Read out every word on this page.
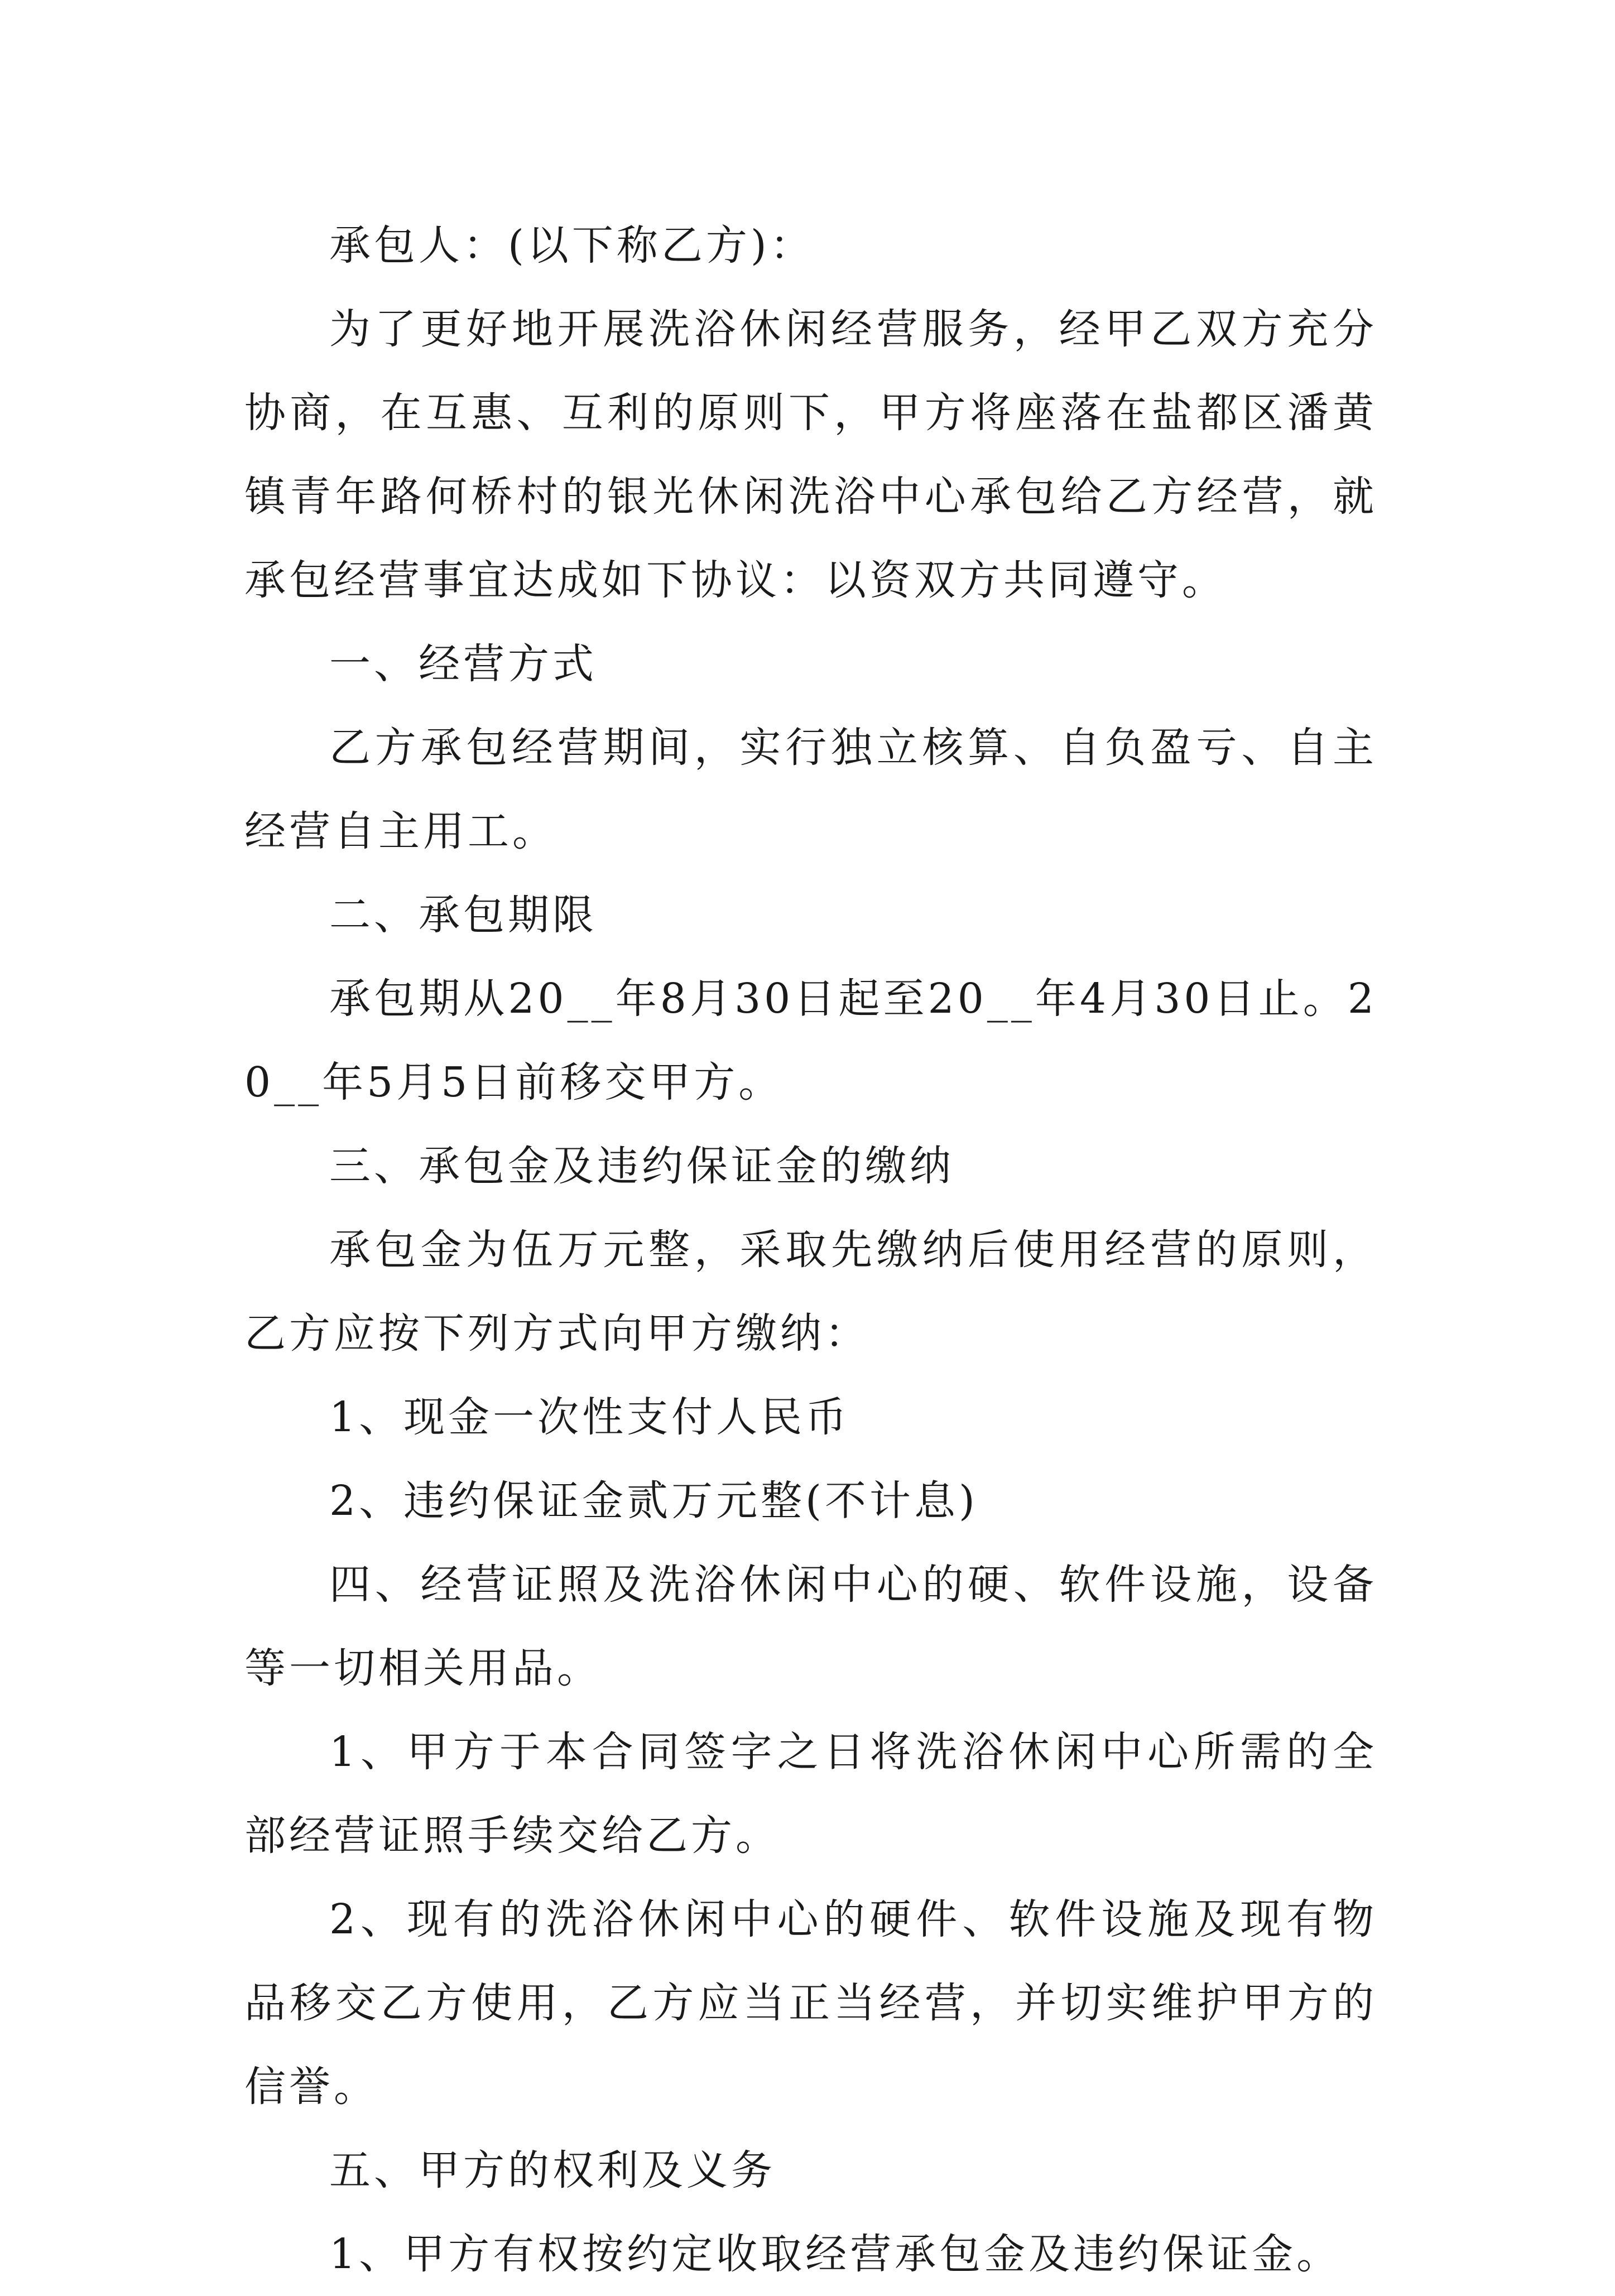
承包人：(以下称乙方)：

为了更好地开展洗浴休闲经营服务，经甲乙双方充分协商，在互惠、互利的原则下，甲方将座落在盐都区潘黄镇青年路何桥村的银光休闲洗浴中心承包给乙方经营，就承包经营事宜达成如下协议：以资双方共同遵守。

一、经营方式

乙方承包经营期间，实行独立核算、自负盈亏、自主经营自主用工。

二、承包期限

承包期从20__年8月30日起至20__年4月30日止。20__年5月5日前移交甲方。

三、承包金及违约保证金的缴纳

承包金为伍万元整，采取先缴纳后使用经营的原则，乙方应按下列方式向甲方缴纳：

1、现金一次性支付人民币

2、违约保证金贰万元整(不计息)

四、经营证照及洗浴休闲中心的硬、软件设施，设备等一切相关用品。

1、甲方于本合同签字之日将洗浴休闲中心所需的全部经营证照手续交给乙方。

2、现有的洗浴休闲中心的硬件、软件设施及现有物品移交乙方使用，乙方应当正当经营，并切实维护甲方的信誉。

五、甲方的权利及义务

1、甲方有权按约定收取经营承包金及违约保证金。
